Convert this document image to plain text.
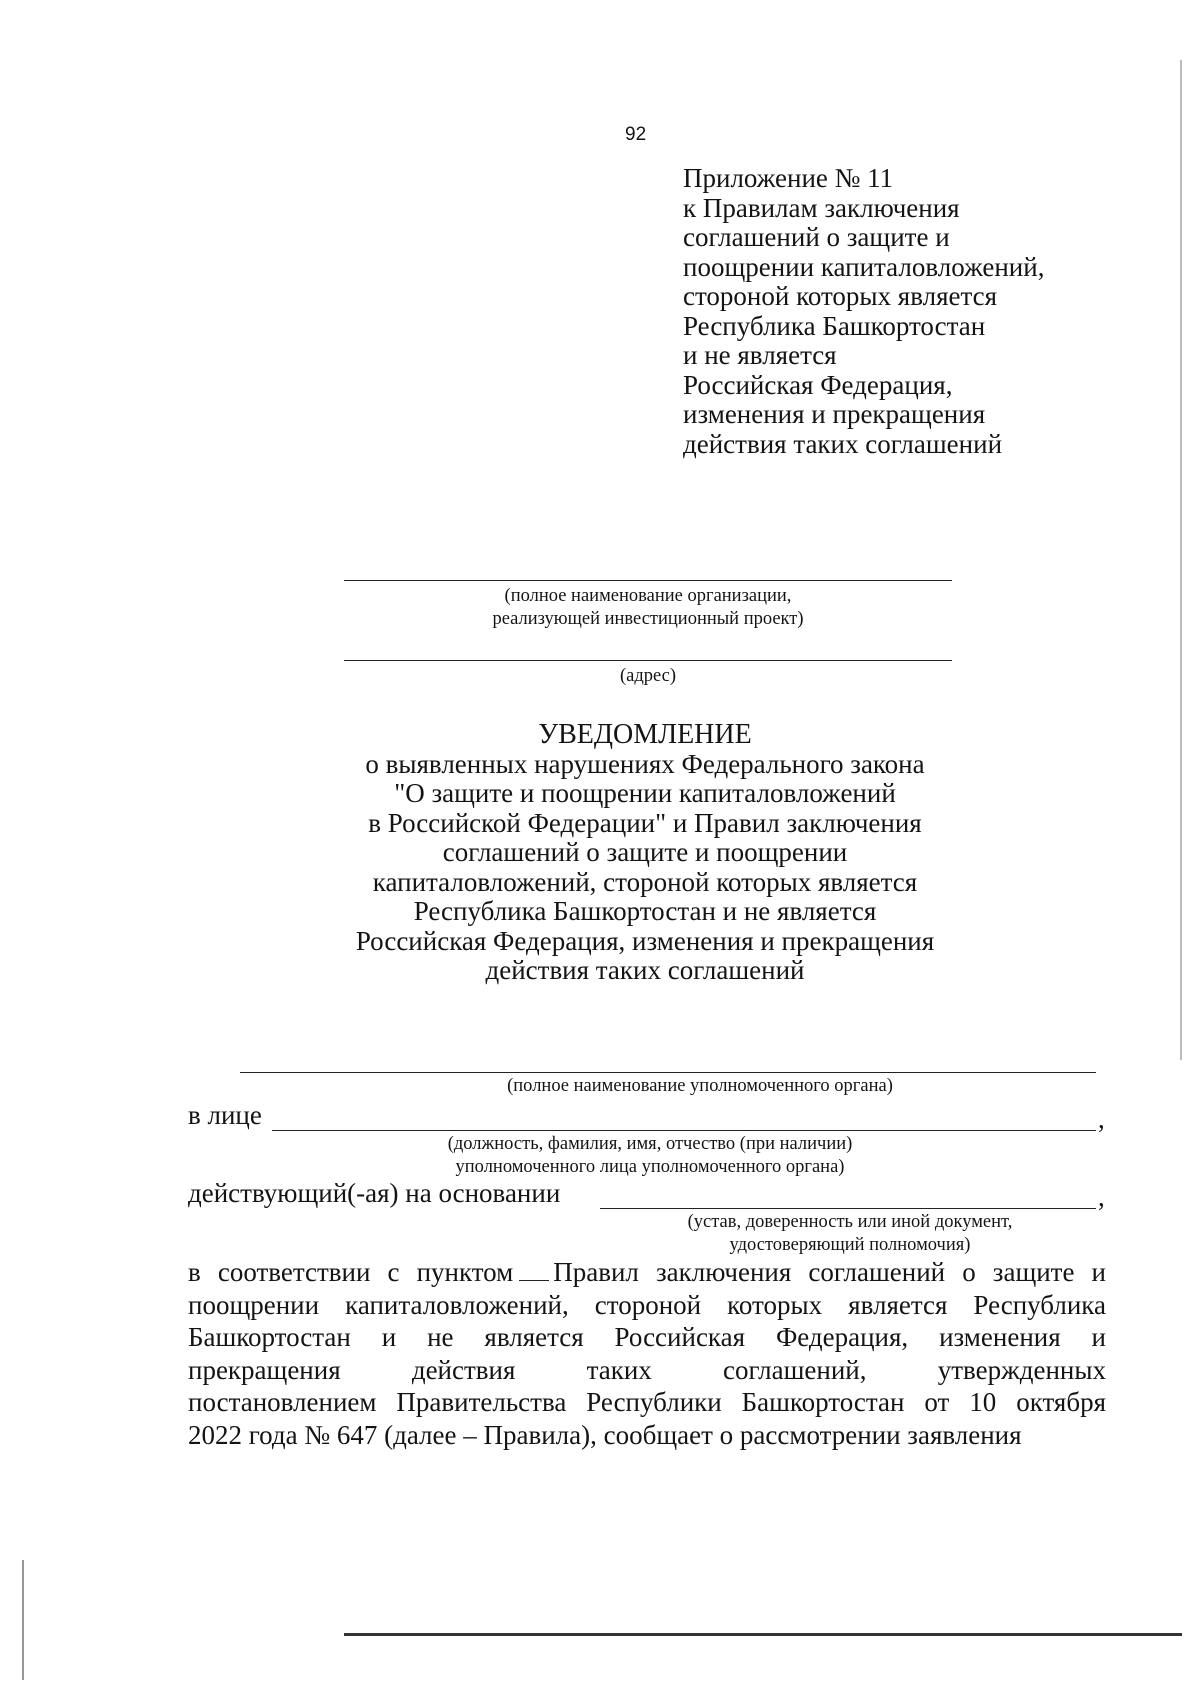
92
Приложение № 11
к Правилам заключения
соглашений о защите и
поощрении капиталовложений,
стороной которых является
Республика Башкортостан
и не является
Российская Федерация,
изменения и прекращения
действия таких соглашений
(полное наименование организации,
реализующей инвестиционный проект)
(адрес)
УВЕДОМЛЕНИЕ
о выявленных нарушениях Федерального закона
"О защите и поощрении капиталовложений
в Российской Федерации" и Правил заключения
соглашений о защите и поощрении
капиталовложений, стороной которых является
Республика Башкортостан и не является
Российская Федерация, изменения и прекращения
действия таких соглашений
(полное наименование уполномоченного органа)
в лице	,
(должность, фамилия, имя, отчество (при наличии)
уполномоченного лица уполномоченного органа)
действующий(-ая) на основании	,
(устав, доверенность или иной документ,
удостоверяющий полномочия)
в соответствии с пунктом Правил заключения соглашений о защите и
поощрении капиталовложений, стороной которых является Республика
Башкортостан и не является Российская Федерация, изменения и
прекращения действия таких соглашений, утвержденных
постановлением Правительства Республики Башкортостан от 10 октября
2022 года № 647 (далее – Правила), сообщает о рассмотрении заявления
